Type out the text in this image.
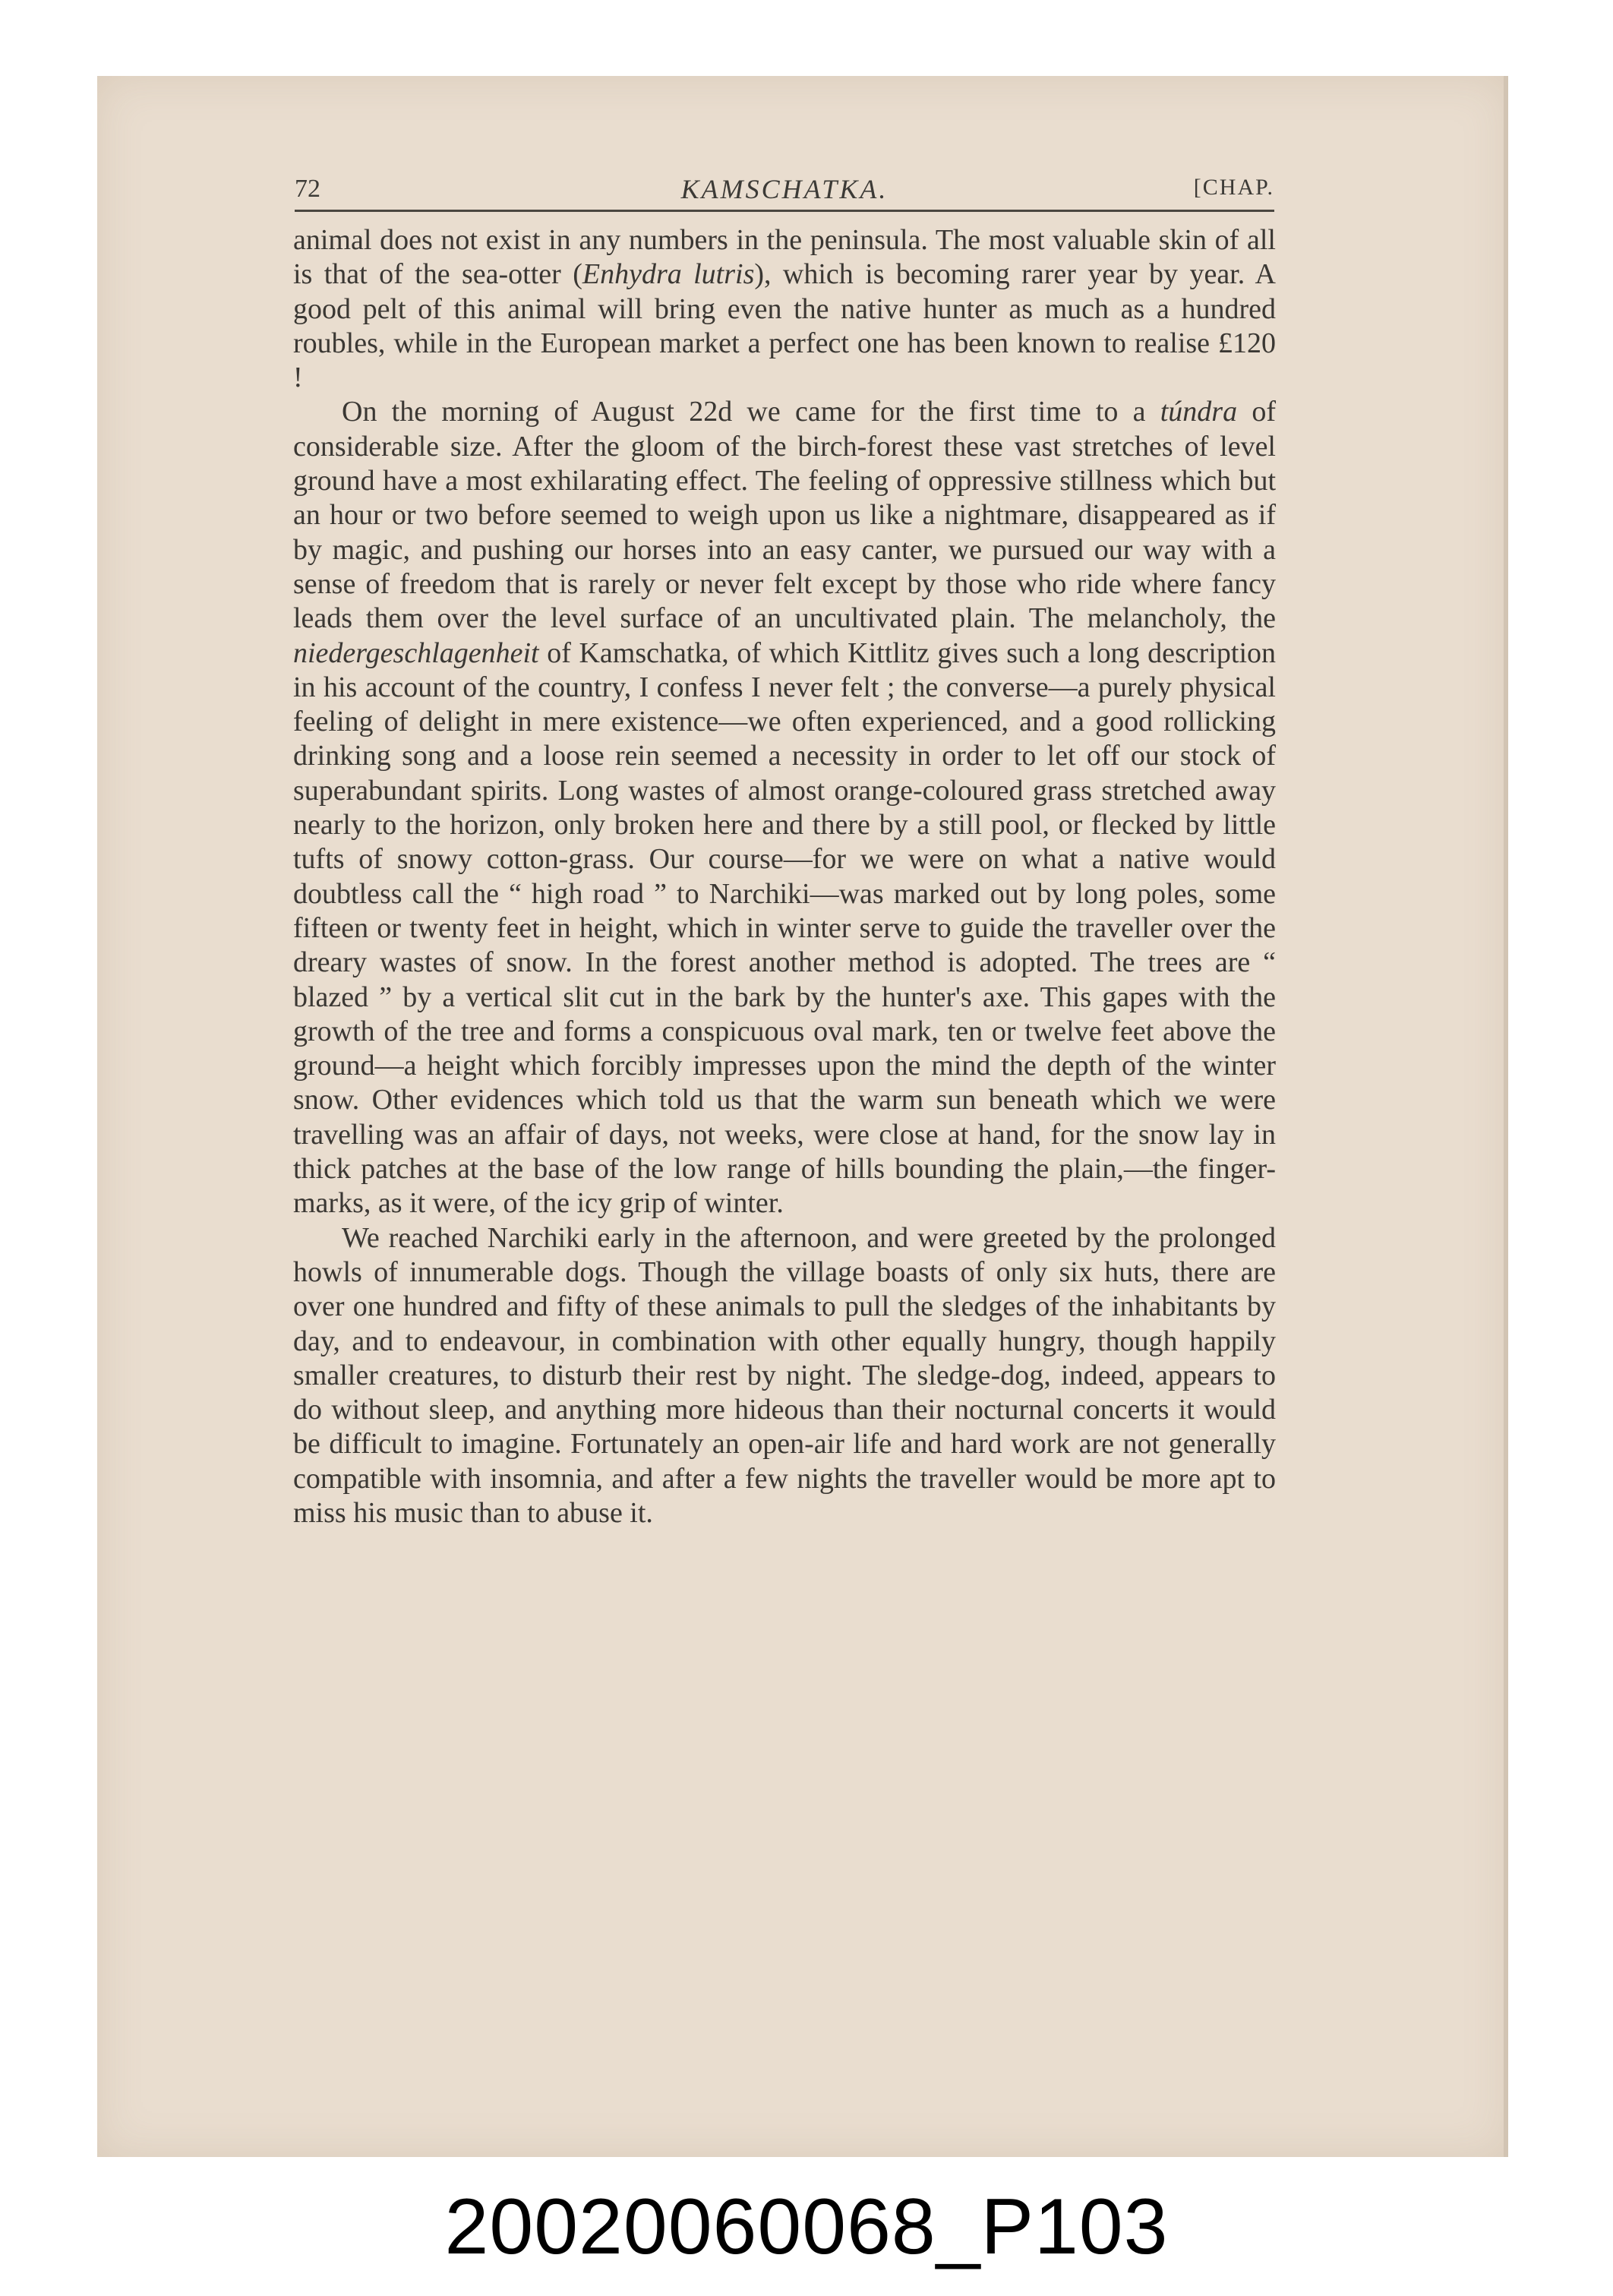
72	KAMSCHATKA.	[CHAP.

animal does not exist in any numbers in the peninsula. The most valuable skin of all is that of the sea-otter (Enhydra lutris), which is becoming rarer year by year. A good pelt of this animal will bring even the native hunter as much as a hundred roubles, while in the European market a perfect one has been known to realise £120 !

On the morning of August 22d we came for the first time to a túndra of considerable size. After the gloom of the birch-forest these vast stretches of level ground have a most exhilarating effect. The feeling of oppressive stillness which but an hour or two before seemed to weigh upon us like a nightmare, disappeared as if by magic, and pushing our horses into an easy canter, we pursued our way with a sense of freedom that is rarely or never felt except by those who ride where fancy leads them over the level surface of an uncultivated plain. The melancholy, the niedergeschlagenheit of Kamschatka, of which Kittlitz gives such a long description in his account of the country, I confess I never felt ; the converse—a purely physical feeling of delight in mere existence—we often experienced, and a good rollicking drinking song and a loose rein seemed a necessity in order to let off our stock of superabundant spirits. Long wastes of almost orange-coloured grass stretched away nearly to the horizon, only broken here and there by a still pool, or flecked by little tufts of snowy cotton-grass. Our course—for we were on what a native would doubtless call the “ high road ” to Narchiki—was marked out by long poles, some fifteen or twenty feet in height, which in winter serve to guide the traveller over the dreary wastes of snow. In the forest another method is adopted. The trees are “ blazed ” by a vertical slit cut in the bark by the hunter's axe. This gapes with the growth of the tree and forms a conspicuous oval mark, ten or twelve feet above the ground—a height which forcibly impresses upon the mind the depth of the winter snow. Other evidences which told us that the warm sun beneath which we were travelling was an affair of days, not weeks, were close at hand, for the snow lay in thick patches at the base of the low range of hills bounding the plain,—the finger-marks, as it were, of the icy grip of winter.

We reached Narchiki early in the afternoon, and were greeted by the prolonged howls of innumerable dogs. Though the village boasts of only six huts, there are over one hundred and fifty of these animals to pull the sledges of the inhabitants by day, and to endeavour, in combination with other equally hungry, though happily smaller creatures, to disturb their rest by night. The sledge-dog, indeed, appears to do without sleep, and anything more hideous than their nocturnal concerts it would be difficult to imagine. Fortunately an open-air life and hard work are not generally compatible with insomnia, and after a few nights the traveller would be more apt to miss his music than to abuse it.

20020060068_P103
